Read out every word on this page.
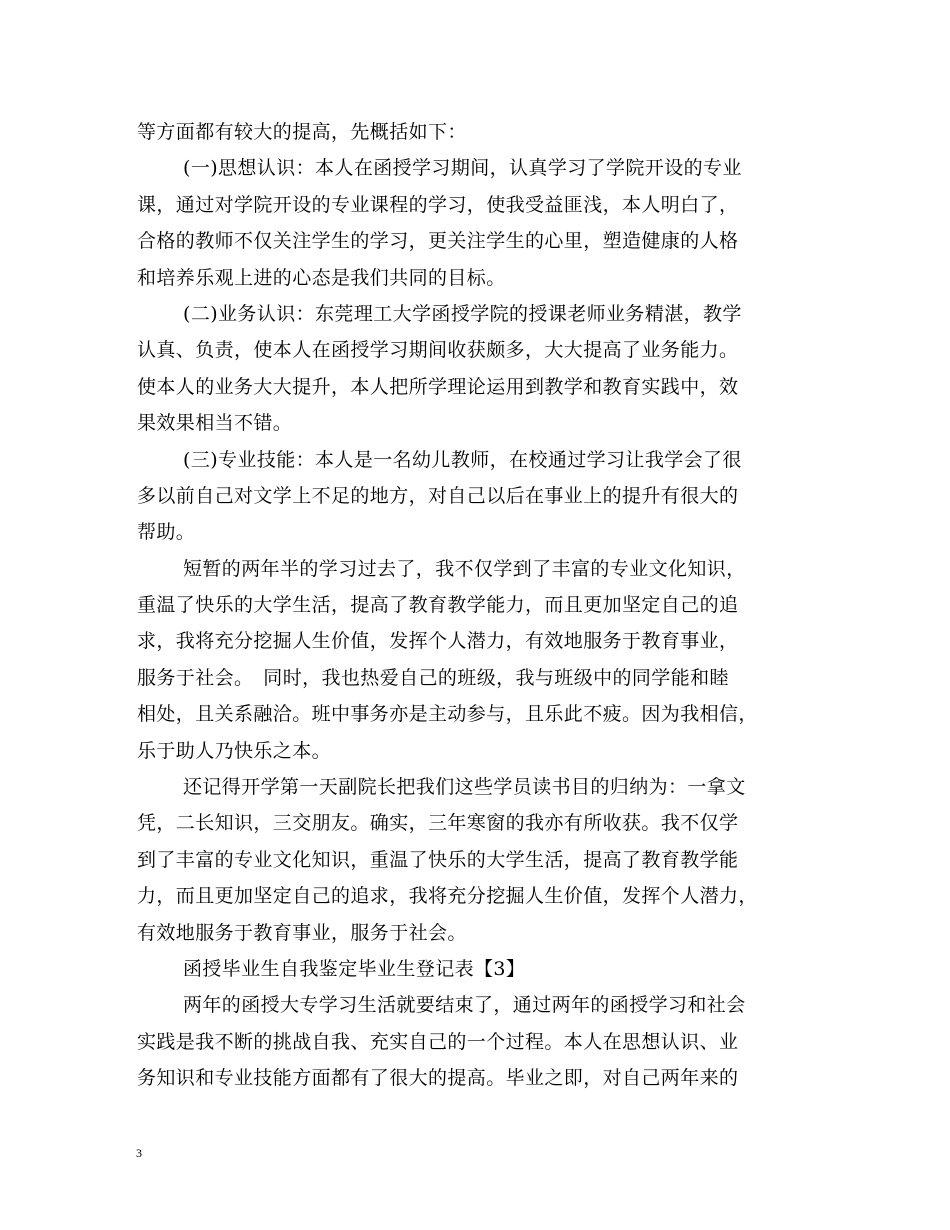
等方面都有较大的提高，先概括如下：
(一)思想认识：本人在函授学习期间，认真学习了学院开设的专业
课，通过对学院开设的专业课程的学习，使我受益匪浅，本人明白了，
合格的教师不仅关注学生的学习，更关注学生的心里，塑造健康的人格
和培养乐观上进的心态是我们共同的目标。
(二)业务认识：东莞理工大学函授学院的授课老师业务精湛，教学
认真、负责，使本人在函授学习期间收获颇多，大大提高了业务能力。
使本人的业务大大提升，本人把所学理论运用到教学和教育实践中，效
果效果相当不错。
(三)专业技能：本人是一名幼儿教师，在校通过学习让我学会了很
多以前自己对文学上不足的地方，对自己以后在事业上的提升有很大的
帮助。
短暂的两年半的学习过去了，我不仅学到了丰富的专业文化知识，
重温了快乐的大学生活，提高了教育教学能力，而且更加坚定自己的追
求，我将充分挖掘人生价值，发挥个人潜力，有效地服务于教育事业，
服务于社会。　同时，我也热爱自己的班级，我与班级中的同学能和睦
相处，且关系融洽。班中事务亦是主动参与，且乐此不疲。因为我相信，
乐于助人乃快乐之本。
还记得开学第一天副院长把我们这些学员读书目的归纳为：一拿文
凭，二长知识，三交朋友。确实，三年寒窗的我亦有所收获。我不仅学
到了丰富的专业文化知识，重温了快乐的大学生活，提高了教育教学能
力，而且更加坚定自己的追求，我将充分挖掘人生价值，发挥个人潜力，
有效地服务于教育事业，服务于社会。
函授毕业生自我鉴定毕业生登记表【3】
两年的函授大专学习生活就要结束了，通过两年的函授学习和社会
实践是我不断的挑战自我、充实自己的一个过程。本人在思想认识、业
务知识和专业技能方面都有了很大的提高。毕业之即，对自己两年来的
3
